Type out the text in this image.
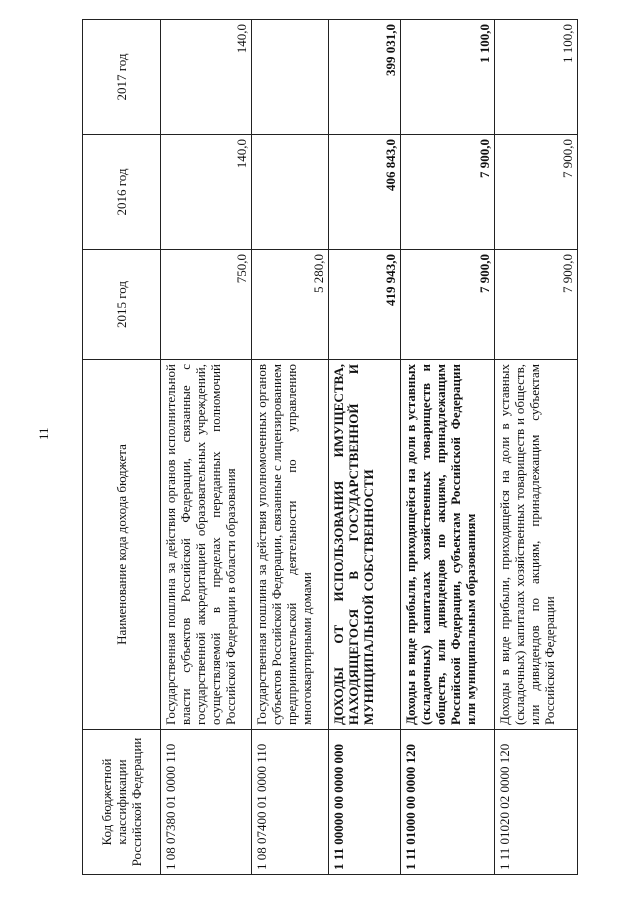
11
Код бюджетной классификации Российской Федерации	Наименование кода дохода бюджета	2015 год	2016 год	2017 год
1 08 07380 01 0000 110	Государственная пошлина за действия органов исполнительной власти субъектов Российской Федерации, связанные с государственной аккредитацией образовательных учреждений, осуществляемой в пределах переданных полномочий Российской Федерации в области образования	750,0	140,0	140,0
1 08 07400 01 0000 110	Государственная пошлина за действия уполномоченных органов субъектов Российской Федерации, связанные с лицензированием предпринимательской деятельности по управлению многоквартирными домами	5 280,0		
1 11 00000 00 0000 000	ДОХОДЫ ОТ ИСПОЛЬЗОВАНИЯ ИМУЩЕСТВА, НАХОДЯЩЕГОСЯ В ГОСУДАРСТВЕННОЙ И МУНИЦИПАЛЬНОЙ СОБСТВЕННОСТИ	419 943,0	406 843,0	399 031,0
1 11 01000 00 0000 120	Доходы в виде прибыли, приходящейся на доли в уставных (складочных) капиталах хозяйственных товариществ и обществ, или дивидендов по акциям, принадлежащим Российской Федерации, субъектам Российской Федерации или муниципальным образованиям	7 900,0	7 900,0	1 100,0
1 11 01020 02 0000 120	Доходы в виде прибыли, приходящейся на доли в уставных (складочных) капиталах хозяйственных товариществ и обществ, или дивидендов по акциям, принадлежащим субъектам Российской Федерации	7 900,0	7 900,0	1 100,0
